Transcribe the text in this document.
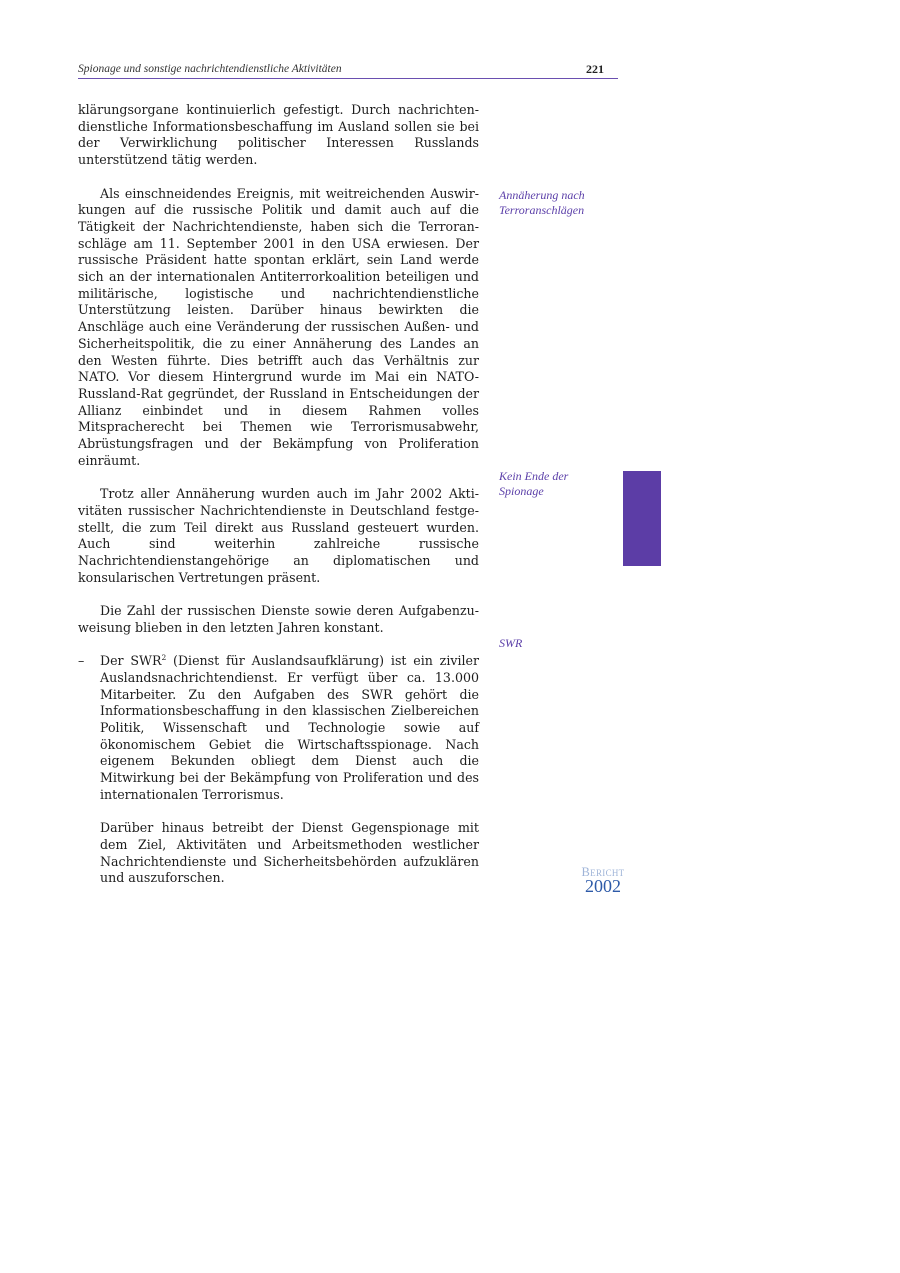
Spionage und sonstige nachrichtendienstliche Aktivitäten	221

klärungsorgane kontinuierlich gefestigt. Durch nachrichtendienstliche Informationsbeschaffung im Ausland sollen sie bei der Verwirklichung politischer Interessen Russlands unterstützend tätig werden.

Als einschneidendes Ereignis, mit weitreichenden Auswirkungen auf die russische Politik und damit auch auf die Tätigkeit der Nachrichtendienste, haben sich die Terroranschläge am 11. September 2001 in den USA erwiesen. Der russische Präsident hatte spontan erklärt, sein Land werde sich an der internationalen Antiterrorkoalition beteiligen und militärische, logistische und nachrichtendienstliche Unterstützung leisten. Darüber hinaus bewirkten die Anschläge auch eine Veränderung der russischen Außen- und Sicherheitspolitik, die zu einer Annäherung des Landes an den Westen führte. Dies betrifft auch das Verhältnis zur NATO. Vor diesem Hintergrund wurde im Mai ein NATO-Russland-Rat gegründet, der Russland in Entscheidungen der Allianz einbindet und in diesem Rahmen volles Mitspracherecht bei Themen wie Terrorismusabwehr, Abrüstungsfragen und der Bekämpfung von Proliferation einräumt.

Trotz aller Annäherung wurden auch im Jahr 2002 Aktivitäten russischer Nachrichtendienste in Deutschland festgestellt, die zum Teil direkt aus Russland gesteuert wurden. Auch sind weiterhin zahlreiche russische Nachrichtendienstangehörige an diplomatischen und konsularischen Vertretungen präsent.

Die Zahl der russischen Dienste sowie deren Aufgabenzuweisung blieben in den letzten Jahren konstant.

– Der SWR$^2$ (Dienst für Auslandsaufklärung) ist ein ziviler Auslandsnachrichtendienst. Er verfügt über ca. 13.000 Mitarbeiter. Zu den Aufgaben des SWR gehört die Informationsbeschaffung in den klassischen Zielbereichen Politik, Wissenschaft und Technologie sowie auf ökonomischem Gebiet die Wirtschaftsspionage. Nach eigenem Bekunden obliegt dem Dienst auch die Mitwirkung bei der Bekämpfung von Proliferation und des internationalen Terrorismus.

Darüber hinaus betreibt der Dienst Gegenspionage mit dem Ziel, Aktivitäten und Arbeitsmethoden westlicher Nachrichtendienste und Sicherheitsbehörden aufzuklären und auszuforschen.

Annäherung nach Terroranschlägen
Kein Ende der Spionage
SWR
Bericht
2002
